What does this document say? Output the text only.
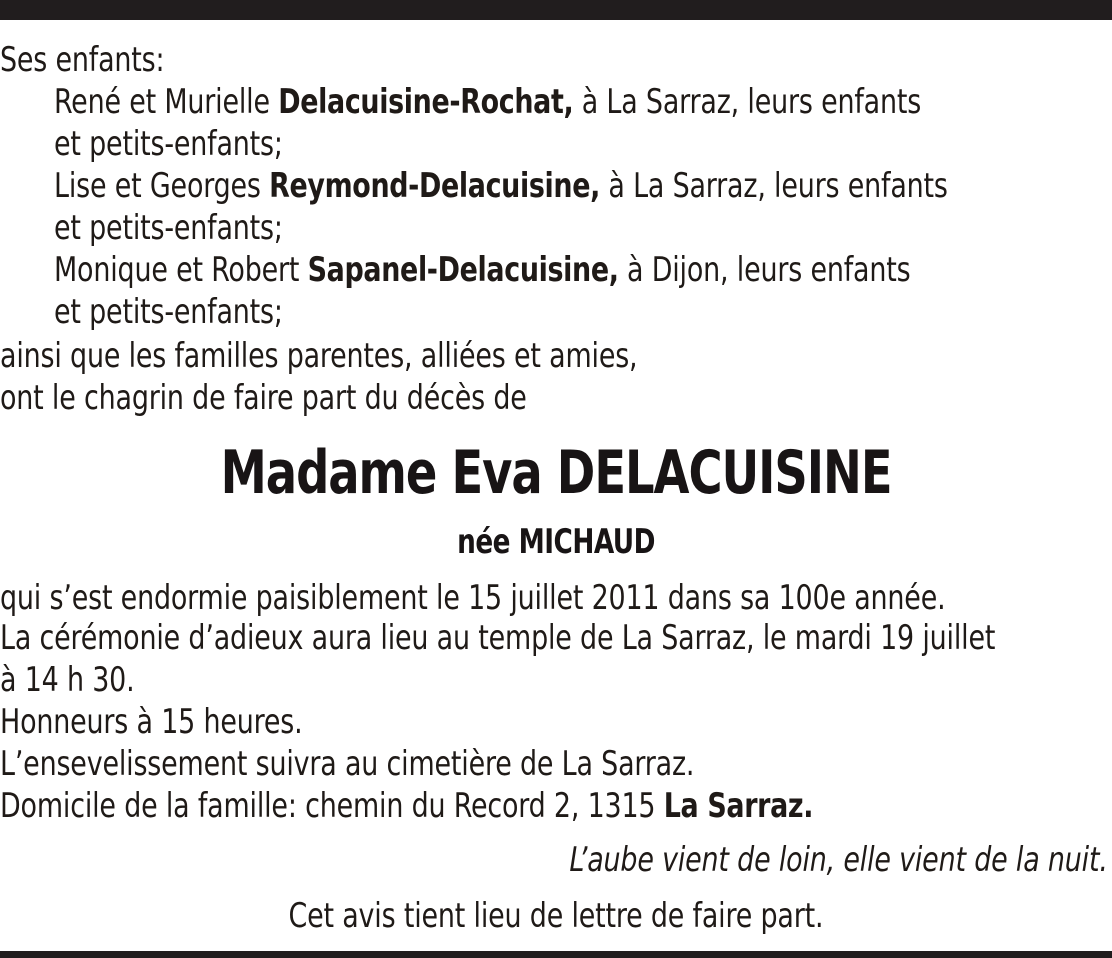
Ses enfants:
René et Murielle Delacuisine-Rochat, à La Sarraz, leurs enfants
et petits-enfants;
Lise et Georges Reymond-Delacuisine, à La Sarraz, leurs enfants
et petits-enfants;
Monique et Robert Sapanel-Delacuisine, à Dijon, leurs enfants
et petits-enfants;
ainsi que les familles parentes, alliées et amies,
ont le chagrin de faire part du décès de
Madame Eva DELACUISINE
née MICHAUD
qui s’est endormie paisiblement le 15 juillet 2011 dans sa 100e année.
La cérémonie d’adieux aura lieu au temple de La Sarraz, le mardi 19 juillet
à 14 h 30.
Honneurs à 15 heures.
L’ensevelissement suivra au cimetière de La Sarraz.
Domicile de la famille: chemin du Record 2, 1315 La Sarraz.
L’aube vient de loin, elle vient de la nuit.
Cet avis tient lieu de lettre de faire part.
